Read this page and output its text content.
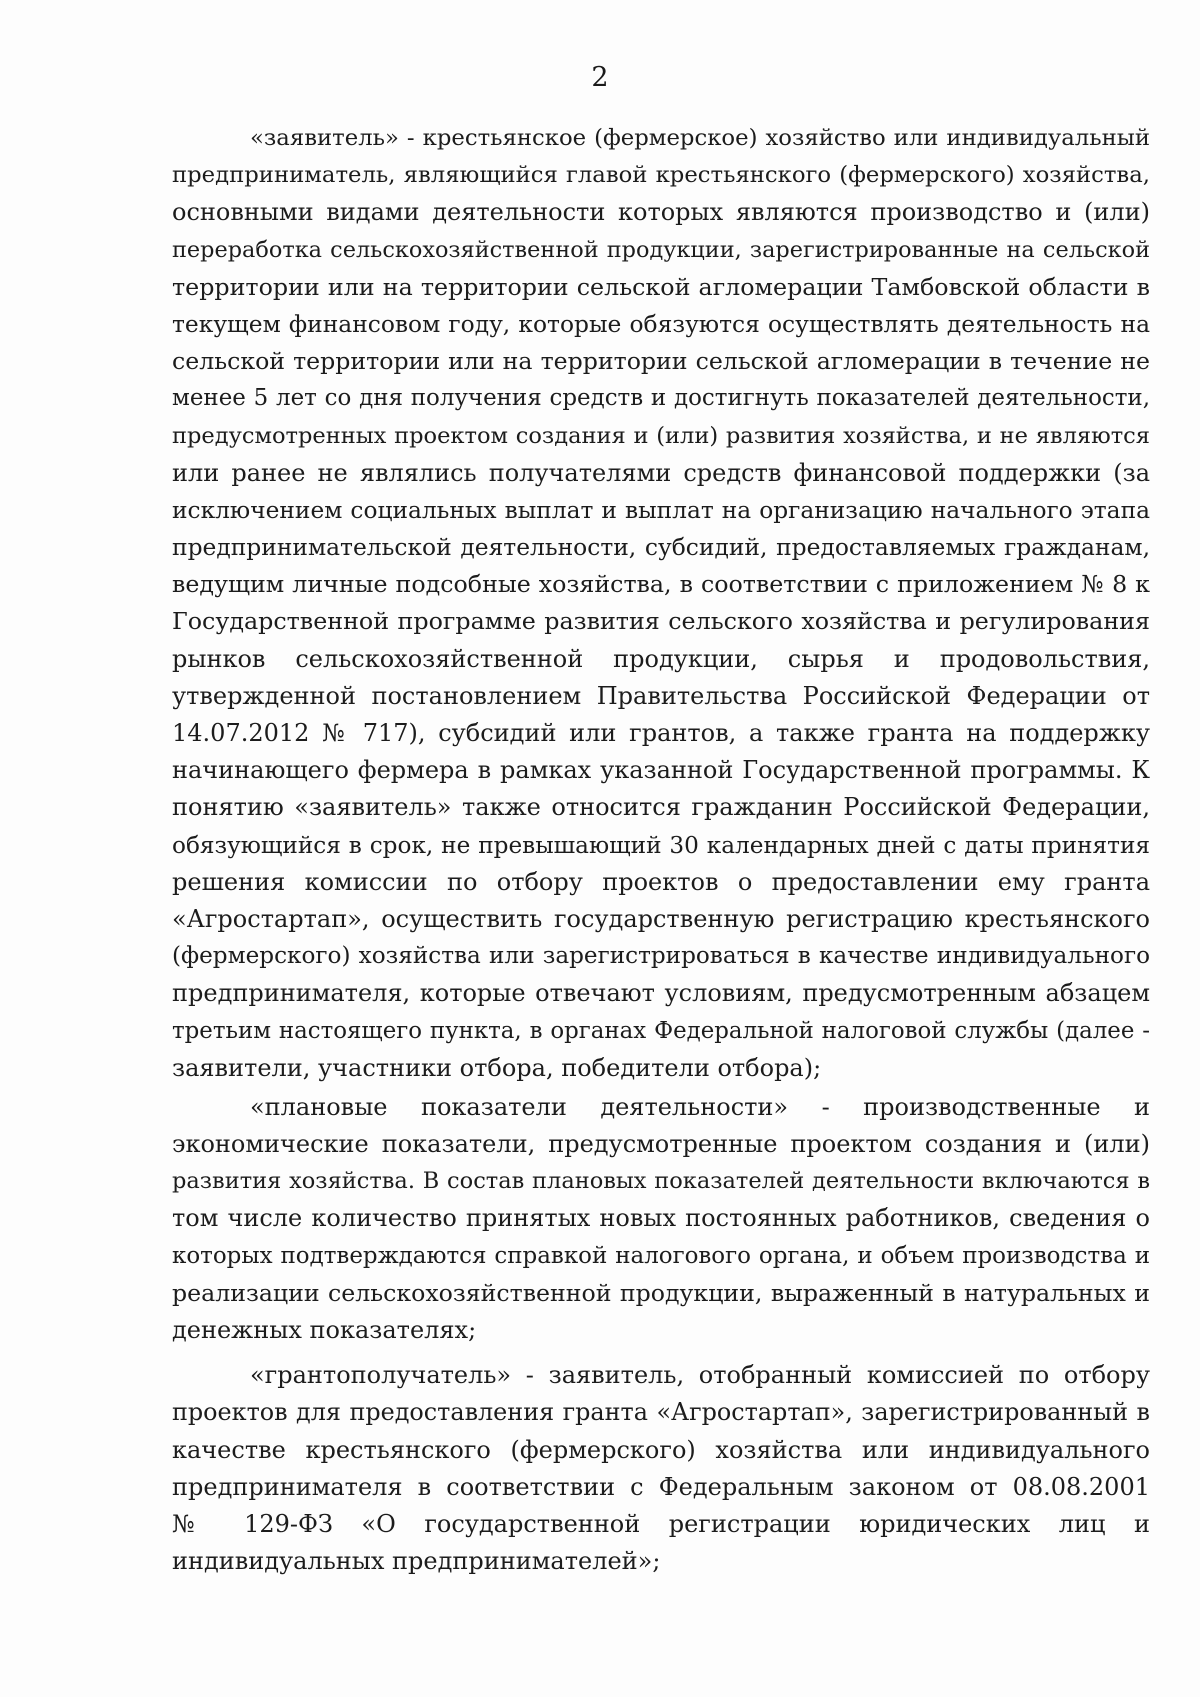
2
«заявитель» - крестьянское (фермерское) хозяйство или индивидуальный
предприниматель, являющийся главой крестьянского (фермерского) хозяйства,
основными видами деятельности которых являются производство и (или)
переработка сельскохозяйственной продукции, зарегистрированные на сельской
территории или на территории сельской агломерации Тамбовской области в
текущем финансовом году, которые обязуются осуществлять деятельность на
сельской территории или на территории сельской агломерации в течение не
менее 5 лет со дня получения средств и достигнуть показателей деятельности,
предусмотренных проектом создания и (или) развития хозяйства, и не являются
или ранее не являлись получателями средств финансовой поддержки (за
исключением социальных выплат и выплат на организацию начального этапа
предпринимательской деятельности, субсидий, предоставляемых гражданам,
ведущим личные подсобные хозяйства, в соответствии с приложением № 8 к
Государственной программе развития сельского хозяйства и регулирования
рынков сельскохозяйственной продукции, сырья и продовольствия,
утвержденной постановлением Правительства Российской Федерации от
14.07.2012 № 717), субсидий или грантов, а также гранта на поддержку
начинающего фермера в рамках указанной Государственной программы. К
понятию «заявитель» также относится гражданин Российской Федерации,
обязующийся в срок, не превышающий 30 календарных дней с даты принятия
решения комиссии по отбору проектов о предоставлении ему гранта
«Агростартап», осуществить государственную регистрацию крестьянского
(фермерского) хозяйства или зарегистрироваться в качестве индивидуального
предпринимателя, которые отвечают условиям, предусмотренным абзацем
третьим настоящего пункта, в органах Федеральной налоговой службы (далее -
заявители, участники отбора, победители отбора);
«плановые показатели деятельности» - производственные и
экономические показатели, предусмотренные проектом создания и (или)
развития хозяйства. В состав плановых показателей деятельности включаются в
том числе количество принятых новых постоянных работников, сведения о
которых подтверждаются справкой налогового органа, и объем производства и
реализации сельскохозяйственной продукции, выраженный в натуральных и
денежных показателях;
«грантополучатель» - заявитель, отобранный комиссией по отбору
проектов для предоставления гранта «Агростартап», зарегистрированный в
качестве крестьянского (фермерского) хозяйства или индивидуального
предпринимателя в соответствии с Федеральным законом от 08.08.2001
№ 129-ФЗ «О государственной регистрации юридических лиц и
индивидуальных предпринимателей»;
